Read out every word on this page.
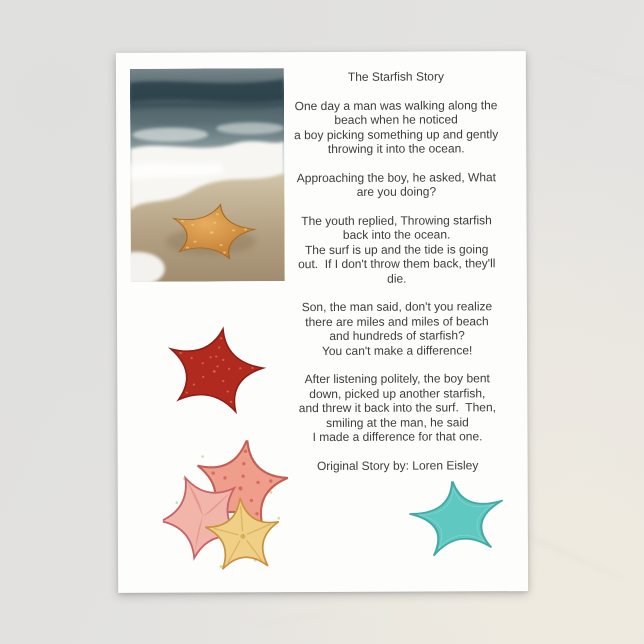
The Starfish Story

One day a man was walking along the
beach when he noticed
a boy picking something up and gently
throwing it into the ocean.

Approaching the boy, he asked, What
are you doing?

The youth replied, Throwing starfish
back into the ocean.
The surf is up and the tide is going
out.  If I don't throw them back, they'll
die.

Son, the man said, don't you realize
there are miles and miles of beach
and hundreds of starfish?
You can't make a difference!

After listening politely, the boy bent
down, picked up another starfish,
and threw it back into the surf.  Then,
smiling at the man, he said
I made a difference for that one.

Original Story by: Loren Eisley
